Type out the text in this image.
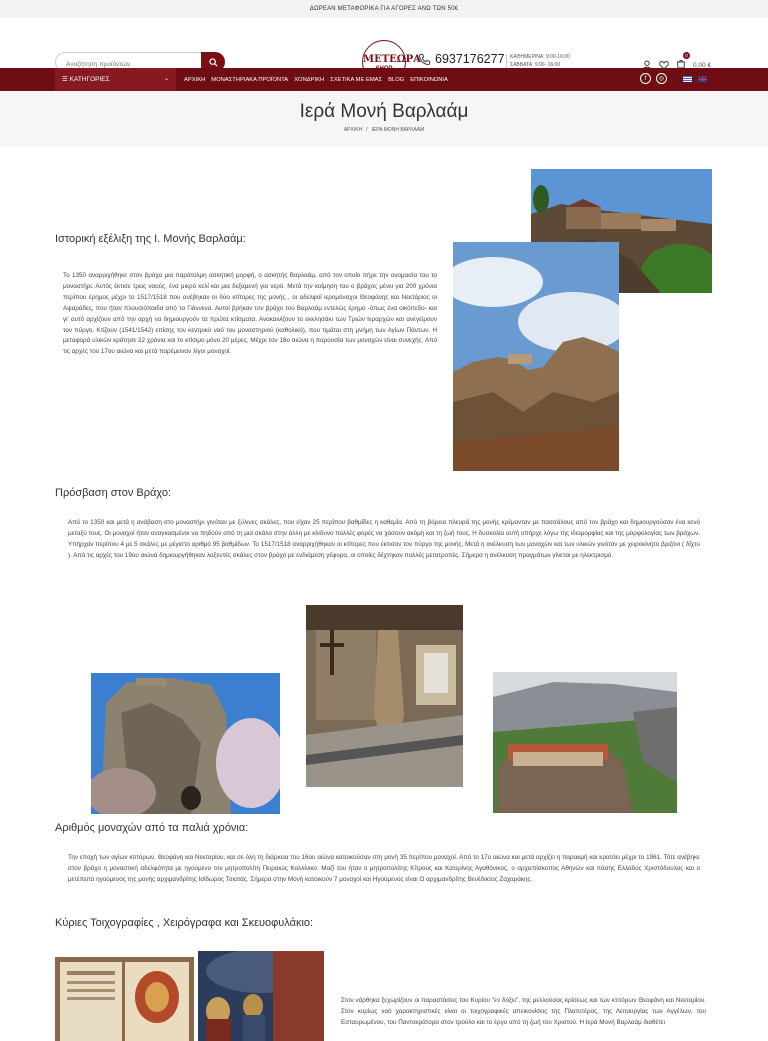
ΔΩΡΕΑΝ ΜΕΤΑΦΟΡΙΚΑ ΓΙΑ ΑΓΟΡΕΣ ΑΝΩ ΤΩΝ 50€
Αναζήτηση προϊόντων
ΜΕΤΕΩΡΑ 6937176277 ΚΑΘΗΜΕΡΙΝΑ: 9:00-16:00
ΣΑΒΒΑΤΑ: 9:00- 16:00
0
0,00 €
☰ ΚΑΤΗΓΟΡΙΕΣ	⌄	ΑΡΧΙΚΗ ΜΟΝΑΣΤΗΡΙΑΚΑ ΠΡΟΪΟΝΤΑ ΧΟΝΔΡΙΚΗ ΣΧΕΤΙΚΑ ΜΕ ΕΜΑΣ BLOG ΕΠΙΚΟΙΝΩΝΙΑ	f	◎
Ιερά Μονή Βαρλαάμ
ΑΡΧΙΚΗ / ΙΕΡΑ ΜΟΝΗ ΒΑΡΛΑΑΜ
Ιστορική εξέλιξη της Ι. Μονής Βαρλαάμ:

Το 1350 αναρριχήθηκε στον βράχο μια παράτολμη ασκητική μορφή, ο ασκητής Βαρλαάμ, από τον οποίο πήρε την ονομασία του το μοναστήρι. Αυτός έκτισε τρεις ναούς, ένα μικρό κελί και μια δεξαμενή για νερό. Μετά την κοίμηση του ο βράχος μένει για 200 χρόνια περίπου έρημος μέχρι το 1517/1518 που ανέβηκαν οι δύο κτίτορες της μονής , οι αδελφοί ιερομόναχοι Θεοφάνης και Νεκτάριος οι Αψαράδες, που ήταν πλουσιόπαιδα από τα Γιάννενα. Αυτοί βρήκαν τον βράχο του Βαρλαάμ εντελώς έρημο -όπως ένα οικόπεδο- και γι' αυτό αρχίζουν από την αρχή να δημιουργούν τα πρώτα κτίσματα. Ανακαινίζουν το εκκλησάκι των Τριών Ιεραρχών και ανεγείρουν τον πύργο. Κτίζουν (1541/1542) επίσης τον κεντρικό ναό του μοναστηριού (καθολικό), που τιμάται στη μνήμη των Αγίων Πάντων. Η μεταφορά υλικών κράτησε 22 χρόνια και το κτίσιμο μόνο 20 μέρες. Μέχρι τον 16ο αιώνα η παρουσία των μοναχών είναι συνεχής. Από τις αρχές του 17ου αιώνα και μετά παρέμειναν λίγοι μοναχοί.

Πρόσβαση στον Βράχο:

Από το 1350 και μετά η ανάβαση στο μοναστήρι γινόταν με ξύλινες σκάλες, που είχαν 25 περίπου βαθμίδες η καθεμία. Από τη βόρεια πλευρά της μονής κρέμονταν με πασσάλους από τον βράχο και δημιουργούσαν ένα κενό μεταξύ τους. Οι μοναχοί ήταν αναγκασμένοι να πηδούν από τη μια σκάλα στην άλλη με κίνδυνο πολλές φορές να χάσουν ακόμη και τη ζωή τους. Η δυσκολία αυτή υπήρχε λόγω της ιδιομορφίας και της μορφολογίας των βράχων. Υπήρχαν περίπου 4 με 5 σκάλες με μέγιστο αριθμό 95 βαθμίδων. Το 1517/1518 αναρριχήθηκαν οι κτίτορες που έκτισαν τον πύργο της μονής. Μετά η ανέλκυση των μοναχών και των υλικών γινόταν με χειροκίνητο βριζόνι ( δίχτυ ). Από τις αρχές του 19ου αιώνα δημιουργήθηκαν λαξευτές σκάλες στον βράχο με ενδιάμεση γέφυρα, οι οποίες δέχτηκαν πολλές μετατροπές. Σήμερα η ανέλκυση πραγμάτων γίνεται με ηλεκτρισμό.

Αριθμός μοναχών από τα παλιά χρόνια:

Την εποχή των αγίων κτιτόρων, Θεοφάνη και Νεκταρίου, και σε όλη τη διάρκεια του 16ου αιώνα κατοικούσαν στη μονή 35 περίπου μοναχοί. Από το 17ο αιώνα και μετά αρχίζει η παρακμή και κρατάει μέχρι το 1961. Τότε ανέβηκε στον βράχο η μοναστική αδελφότητα με ηγούμενο τον μητροπολίτη Πειραιώς Καλλίνικο. Μαζί του ήταν ο μητροπολίτης Κίτρους και Κατερίνης Αγαθόνικος, ο αρχιεπίσκοπος Αθηνών και πάσης Ελλάδος Χριστόδουλος και ο μετέπειτα ηγούμενος της μονής αρχιμανδρίτης Ισίδωρος Τσιατάς. Σήμερα στην Μονή κατοικούν 7 μοναχοί και Ηγούμενος είναι Ο αρχιμανδρίτης Βενέδικτος Ζαχαράκης.

Κύριες Τοιχογραφίες , Χειρόγραφα και Σκευοφυλάκιο:

Στον νάρθηκα ξεχωρίζουν οι παραστάσεις του Κυρίου "εν δόξει", της μελλούσας κρίσεως και των κτιτόρων Θεοφάνη και Νεκταρίου. Στον κυρίως ναό χαρακτηριστικές είναι οι τοιχογραφικές απεικονίσεις της Πλατυτέρας, της Λειτουργίας των Αγγέλων, του Εσταυρωμένου, του Παντοκράτορα στον τρούλο και το έργο από τη ζωή του Χριστού. Η Ιερά Μονή Βαρλαάμ διαθέτει
